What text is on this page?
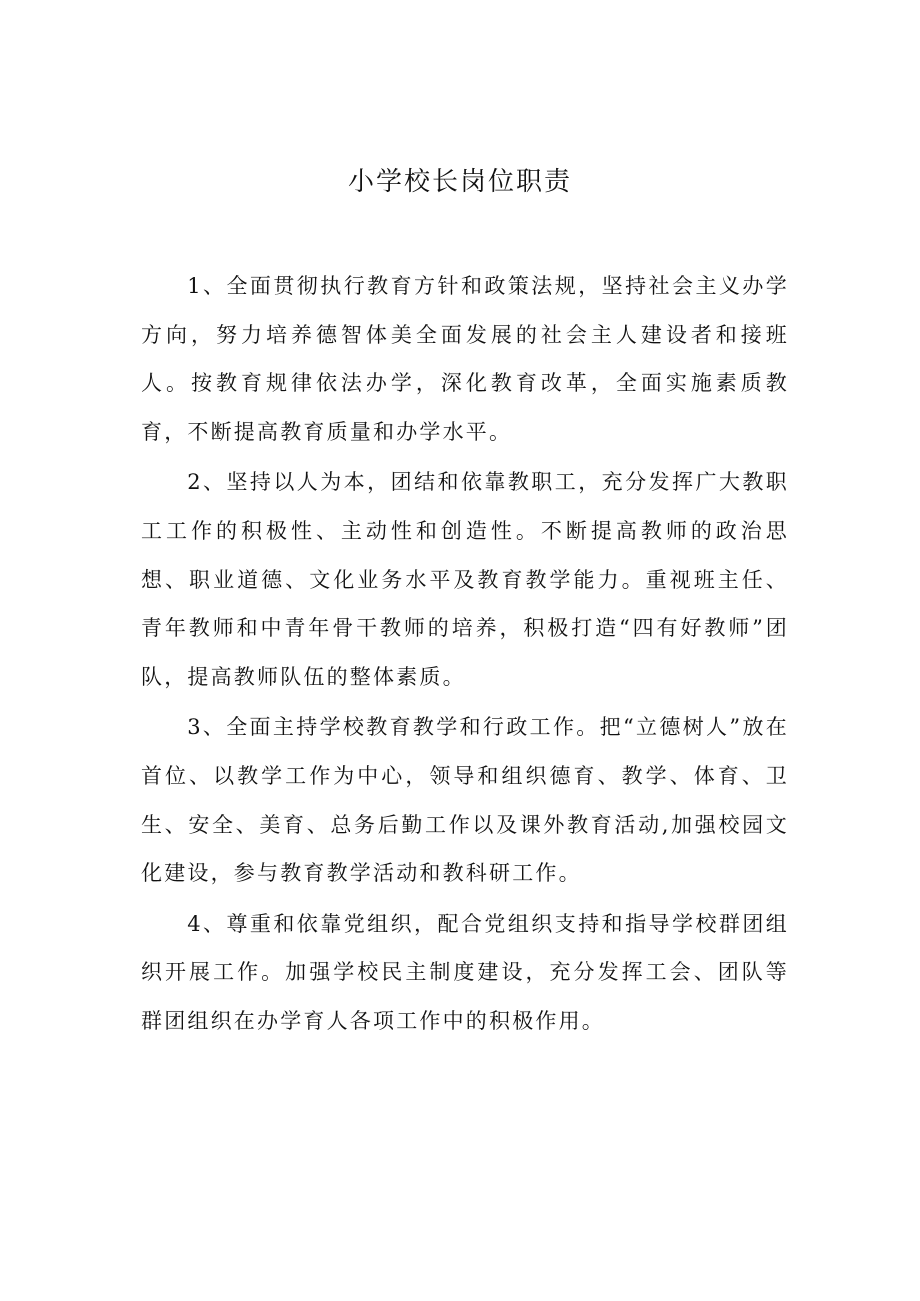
小学校长岗位职责

1、全面贯彻执行教育方针和政策法规，坚持社会主义办学方向，努力培养德智体美全面发展的社会主人建设者和接班人。按教育规律依法办学，深化教育改革，全面实施素质教育，不断提高教育质量和办学水平。

2、坚持以人为本，团结和依靠教职工，充分发挥广大教职工工作的积极性、主动性和创造性。不断提高教师的政治思想、职业道德、文化业务水平及教育教学能力。重视班主任、青年教师和中青年骨干教师的培养，积极打造“四有好教师”团队，提高教师队伍的整体素质。

3、全面主持学校教育教学和行政工作。把“立德树人”放在首位、以教学工作为中心，领导和组织德育、教学、体育、卫生、安全、美育、总务后勤工作以及课外教育活动,加强校园文化建设，参与教育教学活动和教科研工作。

4、尊重和依靠党组织，配合党组织支持和指导学校群团组织开展工作。加强学校民主制度建设，充分发挥工会、团队等群团组织在办学育人各项工作中的积极作用。
